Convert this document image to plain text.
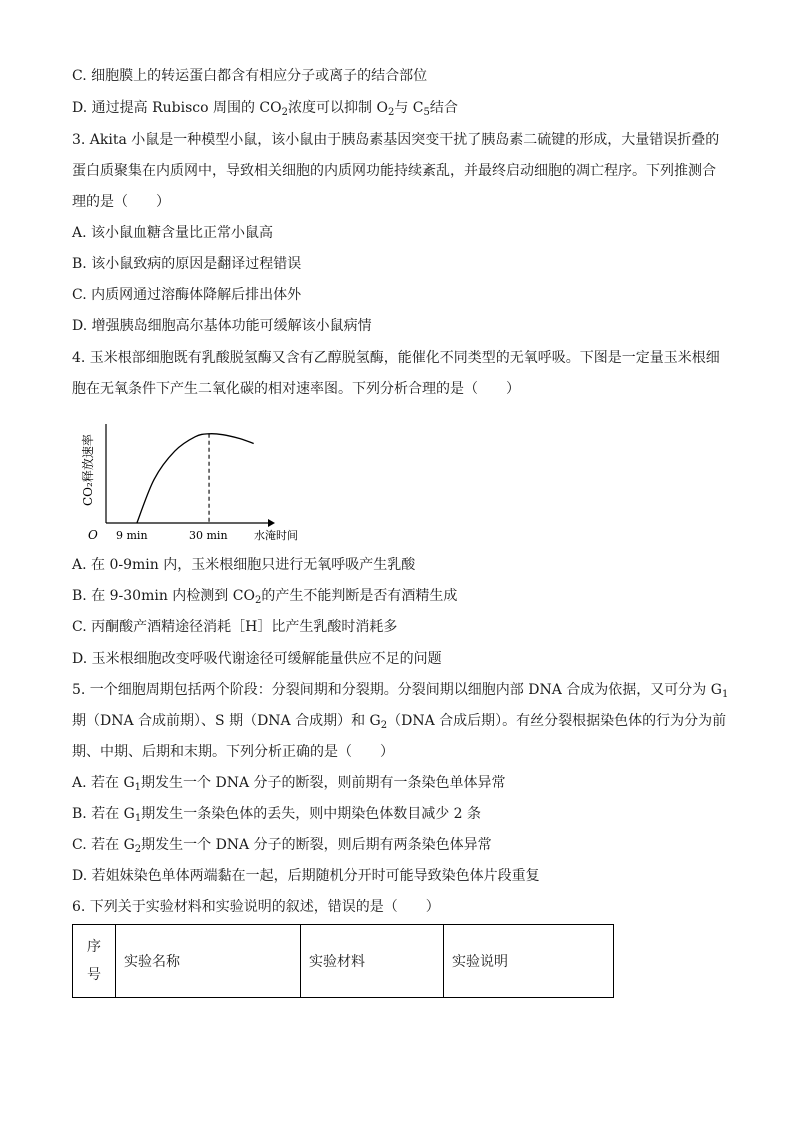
C. 细胞膜上的转运蛋白都含有相应分子或离子的结合部位
D. 通过提高 Rubisco 周围的 $CO_2$浓度可以抑制 $O_2$与 $C_5$结合
3. Akita 小鼠是一种模型小鼠，该小鼠由于胰岛素基因突变干扰了胰岛素二硫键的形成，大量错误折叠的
蛋白质聚集在内质网中，导致相关细胞的内质网功能持续紊乱，并最终启动细胞的凋亡程序。下列推测合
理的是（　　）
A. 该小鼠血糖含量比正常小鼠高
B. 该小鼠致病的原因是翻译过程错误
C. 内质网通过溶酶体降解后排出体外
D. 增强胰岛细胞高尔基体功能可缓解该小鼠病情
4. 玉米根部细胞既有乳酸脱氢酶又含有乙醇脱氢酶，能催化不同类型的无氧呼吸。下图是一定量玉米根细
胞在无氧条件下产生二氧化碳的相对速率图。下列分析合理的是（　　）
CO₂释放速率
O 9 min	30 min 水淹时间
A. 在 0-9min 内，玉米根细胞只进行无氧呼吸产生乳酸
B. 在 9-30min 内检测到 $CO_2$的产生不能判断是否有酒精生成
C. 丙酮酸产酒精途径消耗［H］比产生乳酸时消耗多
D. 玉米根细胞改变呼吸代谢途径可缓解能量供应不足的问题
5. 一个细胞周期包括两个阶段：分裂间期和分裂期。分裂间期以细胞内部 DNA 合成为依据，又可分为 $G_1$
期（DNA 合成前期）、S 期（DNA 合成期）和 $G_2(DNA$ 合成后期）。有丝分裂根据染色体的行为分为前
期、中期、后期和末期。下列分析正确的是（　　）
A. 若在 $G_1$期发生一个 DNA 分子的断裂，则前期有一条染色单体异常
B. 若在 $G_1$期发生一条染色体的丢失，则中期染色体数目减少 2 条
C. 若在 $G_2$期发生一个 DNA 分子的断裂，则后期有两条染色体异常
D. 若姐妹染色单体两端黏在一起，后期随机分开时可能导致染色体片段重复
6. 下列关于实验材料和实验说明的叙述，错误的是（　　）
序
号	实验名称	实验材料	实验说明
